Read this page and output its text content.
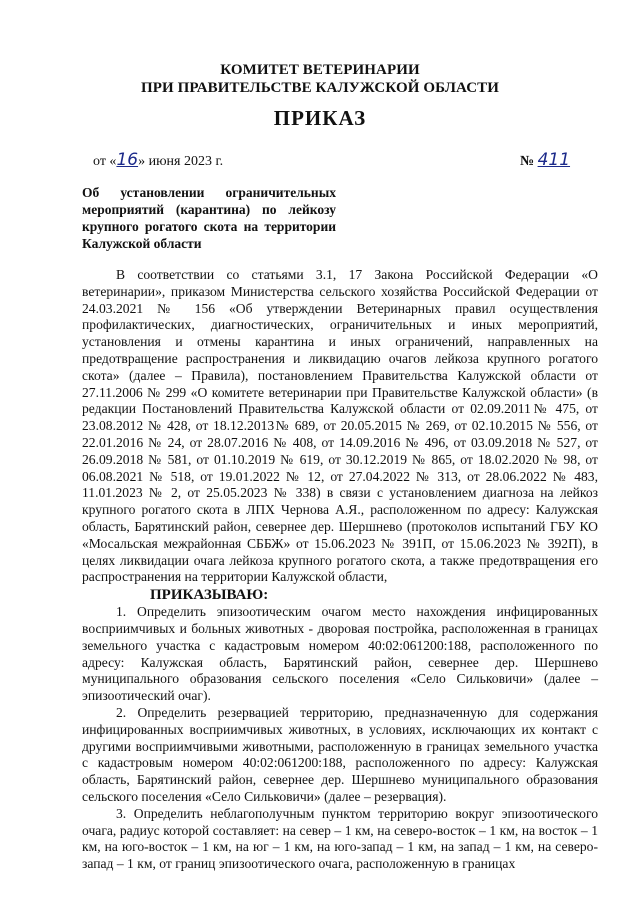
КОМИТЕТ ВЕТЕРИНАРИИ
ПРИ ПРАВИТЕЛЬСТВЕ КАЛУЖСКОЙ ОБЛАСТИ
ПРИКАЗ
от «16» июня 2023 г.	№ 411
Об установлении ограничительных мероприятий (карантина) по лейкозу крупного рогатого скота на территории Калужской области

В соответствии со статьями 3.1, 17 Закона Российской Федерации «О ветеринарии», приказом Министерства сельского хозяйства Российской Федерации от 24.03.2021 № 156 «Об утверждении Ветеринарных правил осуществления профилактических, диагностических, ограничительных и иных мероприятий, установления и отмены карантина и иных ограничений, направленных на предотвращение распространения и ликвидацию очагов лейкоза крупного рогатого скота» (далее – Правила), постановлением Правительства Калужской области от 27.11.2006 № 299 «О комитете ветеринарии при Правительстве Калужской области» (в редакции Постановлений Правительства Калужской области от 02.09.2011№ 475, от 23.08.2012 № 428, от 18.12.2013№ 689, от 20.05.2015 № 269, от 02.10.2015 № 556, от 22.01.2016 № 24, от 28.07.2016 № 408, от 14.09.2016 № 496, от 03.09.2018 № 527, от 26.09.2018 № 581, от 01.10.2019 № 619, от 30.12.2019 № 865, от 18.02.2020 № 98, от 06.08.2021 № 518, от 19.01.2022 № 12, от 27.04.2022 № 313, от 28.06.2022 № 483, 11.01.2023 № 2, от 25.05.2023 № 338) в связи с установлением диагноза на лейкоз крупного рогатого скота в ЛПХ Чернова А.Я., расположенном по адресу: Калужская область, Барятинский район, севернее дер. Шершнево (протоколов испытаний ГБУ КО «Мосальская межрайонная СББЖ» от 15.06.2023 № 391П, от 15.06.2023 № 392П), в целях ликвидации очага лейкоза крупного рогатого скота, а также предотвращения его распространения на территории Калужской области,

ПРИКАЗЫВАЮ:

1. Определить эпизоотическим очагом место нахождения инфицированных восприимчивых и больных животных - дворовая постройка, расположенная в границах земельного участка с кадастровым номером 40:02:061200:188, расположенного по адресу: Калужская область, Барятинский район, севернее дер. Шершнево муниципального образования сельского поселения «Село Сильковичи» (далее – эпизоотический очаг).

2. Определить резервацией территорию, предназначенную для содержания инфицированных восприимчивых животных, в условиях, исключающих их контакт с другими восприимчивыми животными, расположенную в границах земельного участка с кадастровым номером 40:02:061200:188, расположенного по адресу: Калужская область, Барятинский район, севернее дер. Шершнево муниципального образования сельского поселения «Село Сильковичи» (далее – резервация).

3. Определить неблагополучным пунктом территорию вокруг эпизоотического очага, радиус которой составляет: на север – 1 км, на северо-восток – 1 км, на восток – 1 км, на юго-восток – 1 км, на юг – 1 км, на юго-запад – 1 км, на запад – 1 км, на северо-запад – 1 км, от границ эпизоотического очага, расположенную в границах
